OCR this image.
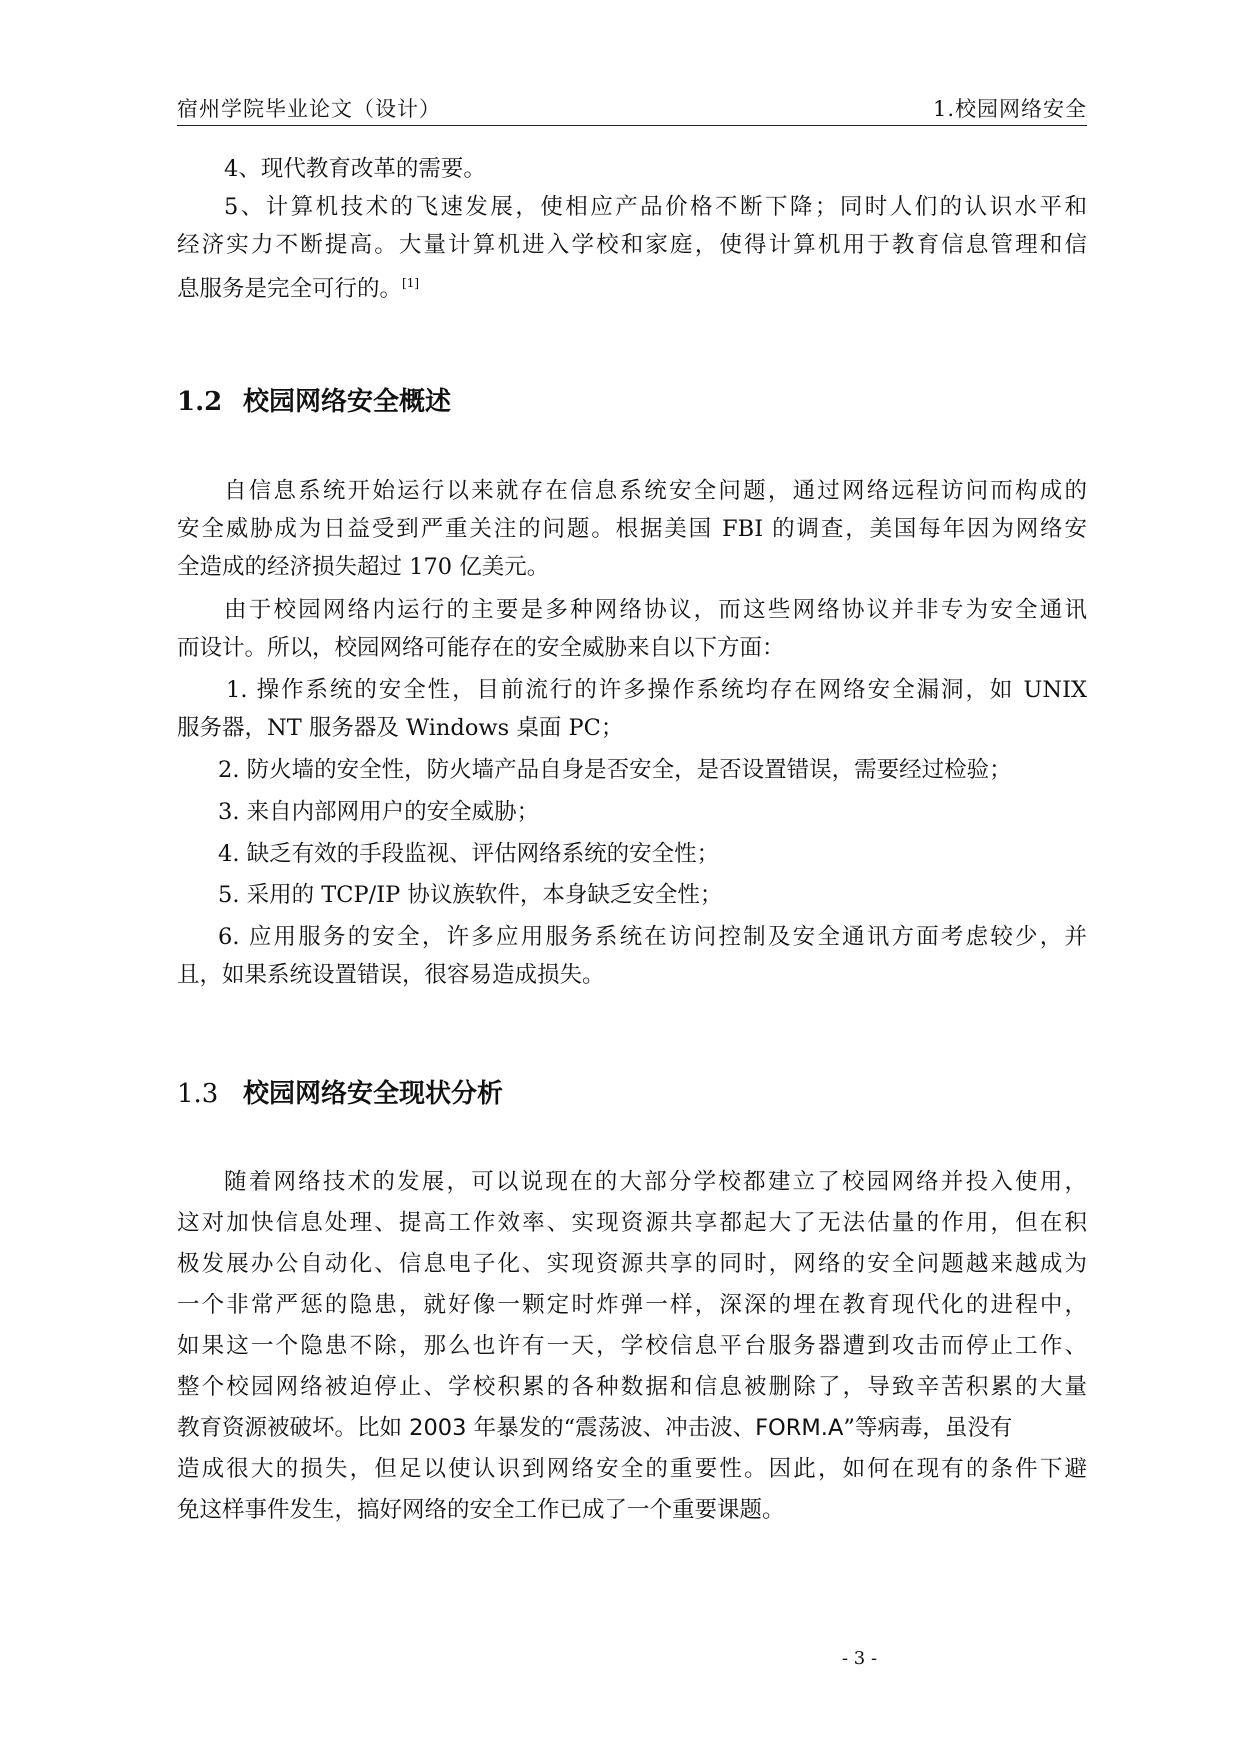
宿州学院毕业论文（设计）	1.校园网络安全
4、现代教育改革的需要。
5、计算机技术的飞速发展，使相应产品价格不断下降；同时人们的认识水平和
经济实力不断提高。大量计算机进入学校和家庭，使得计算机用于教育信息管理和信
息服务是完全可行的。[1]
1.2 校园网络安全概述
自信息系统开始运行以来就存在信息系统安全问题，通过网络远程访问而构成的
安全威胁成为日益受到严重关注的问题。根据美国 FBI 的调查，美国每年因为网络安
全造成的经济损失超过 170 亿美元。
由于校园网络内运行的主要是多种网络协议，而这些网络协议并非专为安全通讯
而设计。所以，校园网络可能存在的安全威胁来自以下方面：
1. 操作系统的安全性，目前流行的许多操作系统均存在网络安全漏洞，如 UNIX
服务器，NT 服务器及 Windows 桌面 PC；
2. 防火墙的安全性，防火墙产品自身是否安全，是否设置错误，需要经过检验；
3. 来自内部网用户的安全威胁；
4. 缺乏有效的手段监视、评估网络系统的安全性；
5. 采用的 TCP/IP 协议族软件，本身缺乏安全性；
6. 应用服务的安全，许多应用服务系统在访问控制及安全通讯方面考虑较少，并
且，如果系统设置错误，很容易造成损失。
1.3 校园网络安全现状分析
随着网络技术的发展，可以说现在的大部分学校都建立了校园网络并投入使用，
这对加快信息处理、提高工作效率、实现资源共享都起大了无法估量的作用，但在积
极发展办公自动化、信息电子化、实现资源共享的同时，网络的安全问题越来越成为
一个非常严惩的隐患，就好像一颗定时炸弹一样，深深的埋在教育现代化的进程中，
如果这一个隐患不除，那么也许有一天，学校信息平台服务器遭到攻击而停止工作、
整个校园网络被迫停止、学校积累的各种数据和信息被删除了，导致辛苦积累的大量
教育资源被破坏。比如 2003 年暴发的“震荡波、冲击波、FORM.A”等病毒，虽没有
造成很大的损失，但足以使认识到网络安全的重要性。因此，如何在现有的条件下避
免这样事件发生，搞好网络的安全工作已成了一个重要课题。
- 3 -
